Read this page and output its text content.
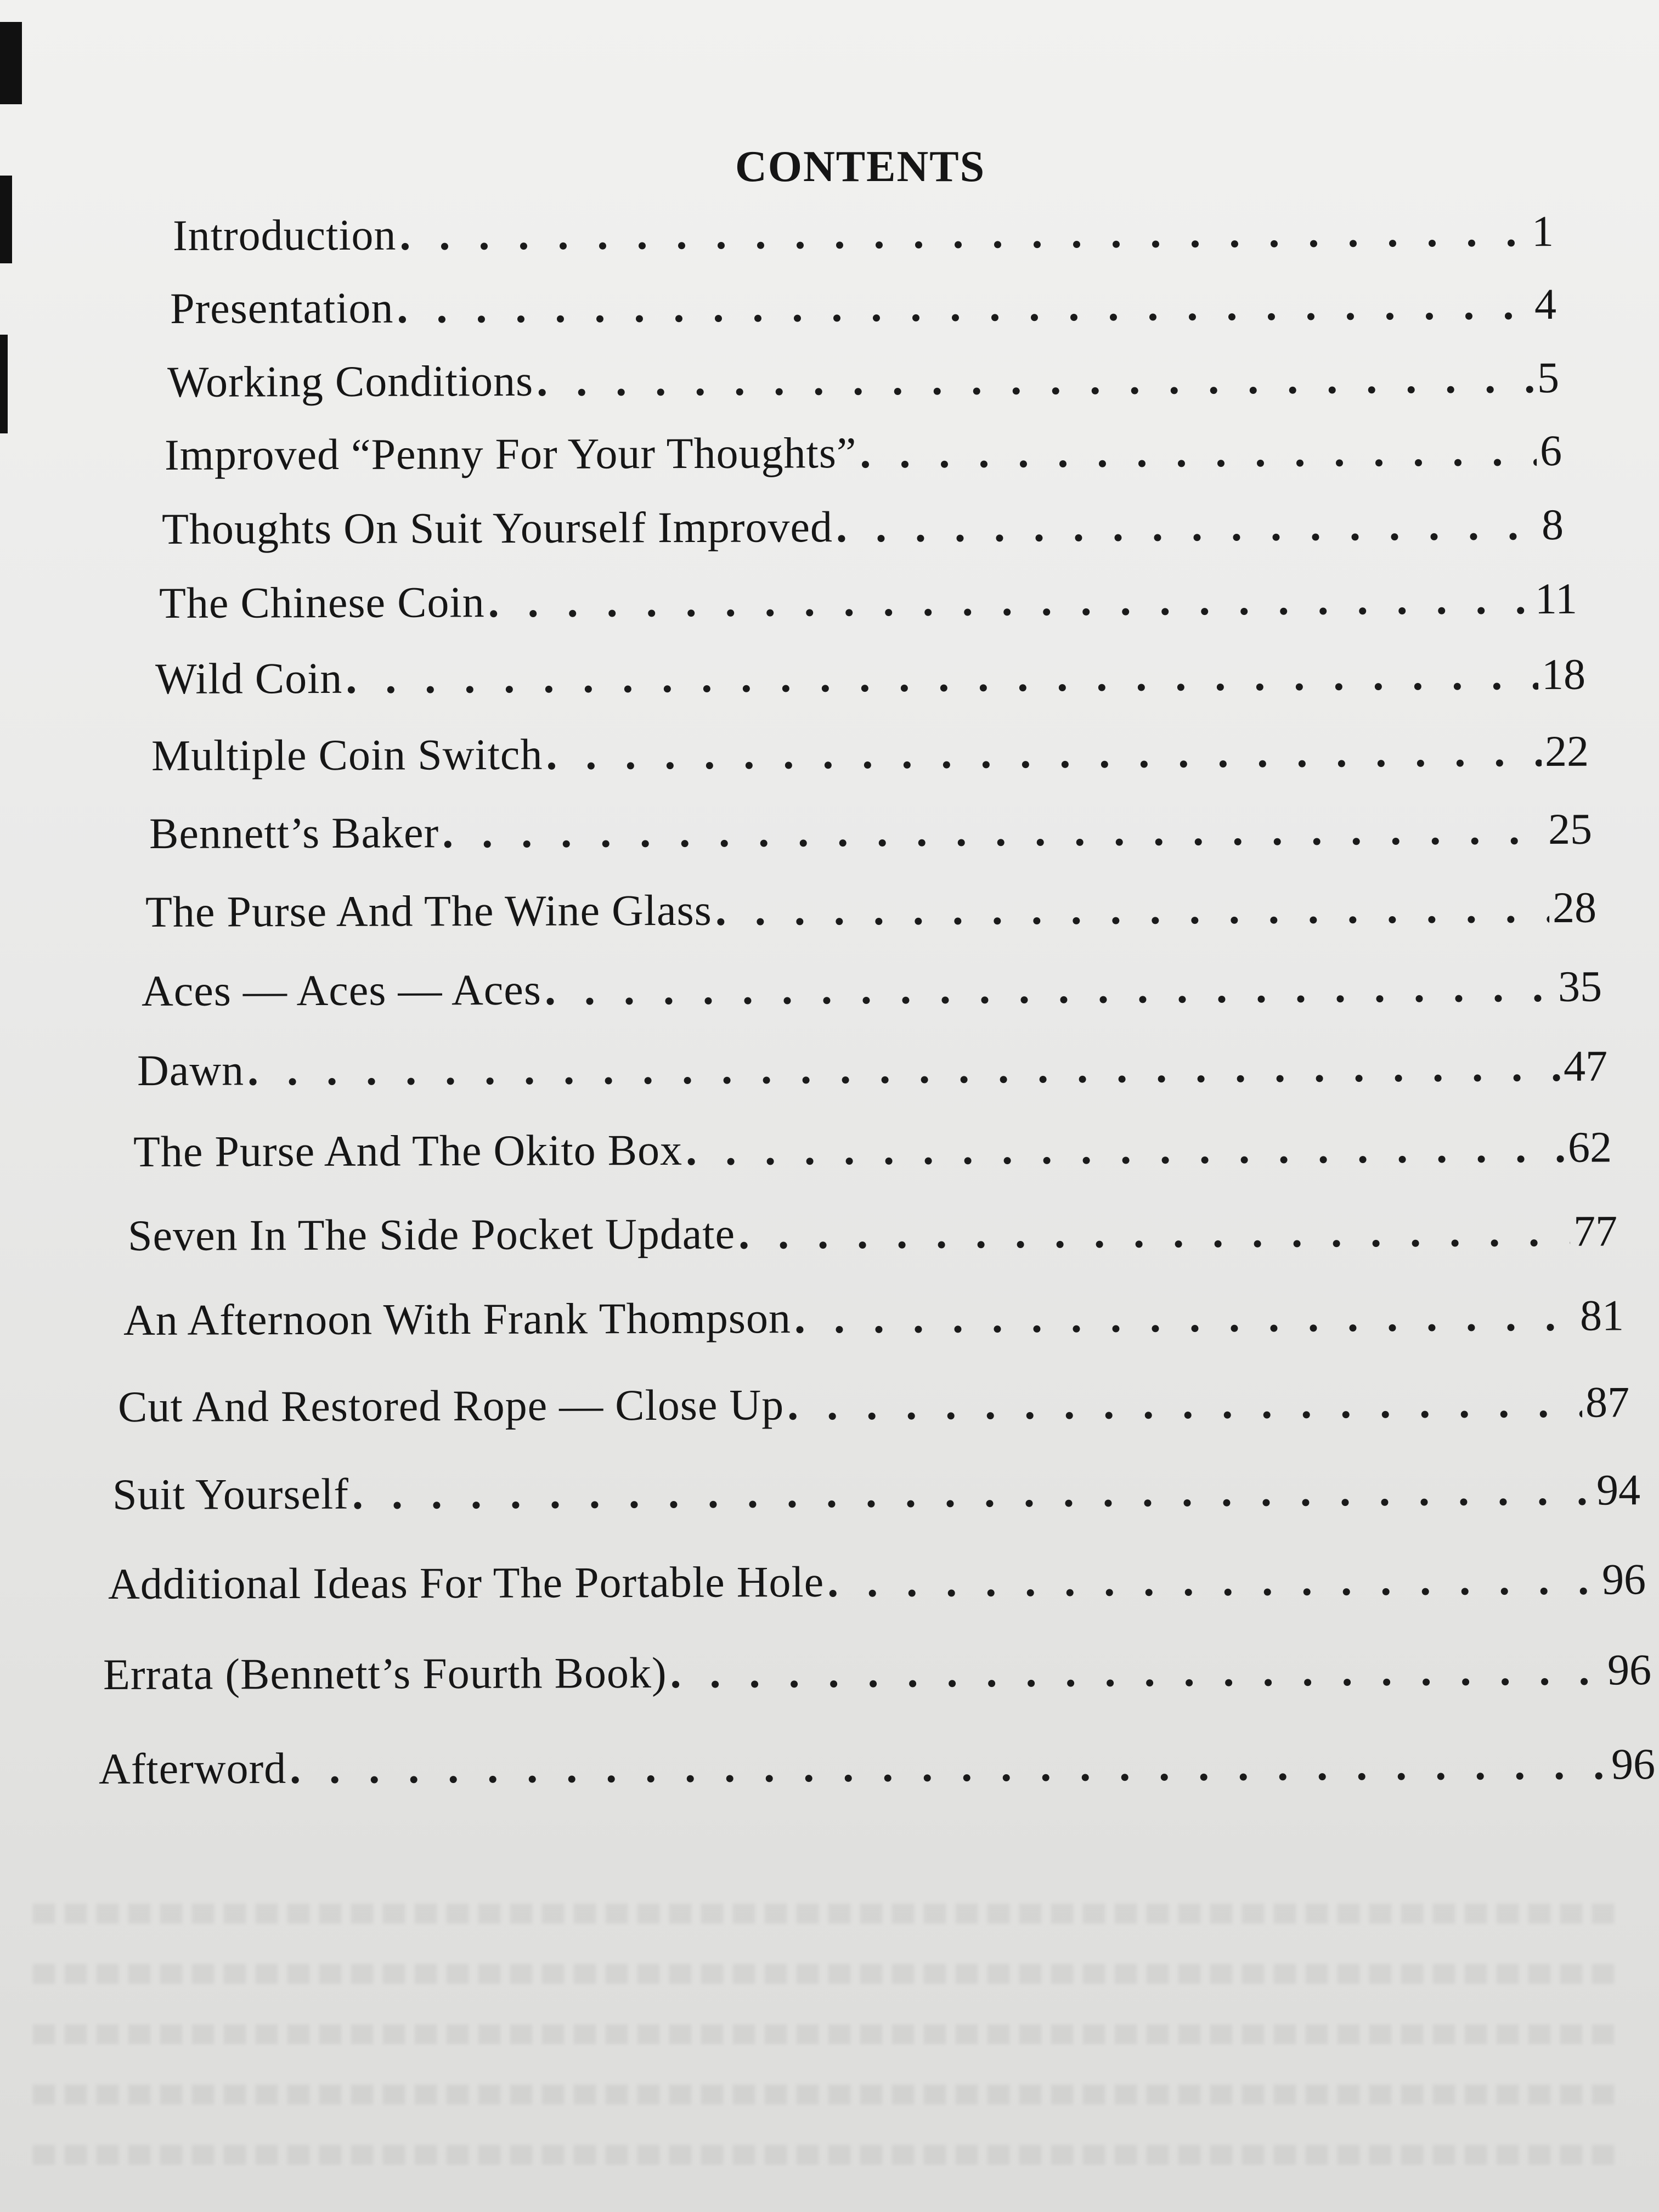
CONTENTS
Introduction . . .	1
Presentation . . .	4
Working Conditions . . .	5
Improved “Penny For Your Thoughts” . . .	6
Thoughts On Suit Yourself Improved . . .	8
The Chinese Coin . . .	11
Wild Coin . . .	18
Multiple Coin Switch . . .	22
Bennett’s Baker . . .	25
The Purse And The Wine Glass . . .	28
Aces — Aces — Aces . . .	35
Dawn . . .	47
The Purse And The Okito Box . . .	62
Seven In The Side Pocket Update . . .	77
An Afternoon With Frank Thompson . . .	81
Cut And Restored Rope — Close Up . . .	87
Suit Yourself . . .	94
Additional Ideas For The Portable Hole . . .	96
Errata (Bennett’s Fourth Book) . . .	96
Afterword . . .	96
